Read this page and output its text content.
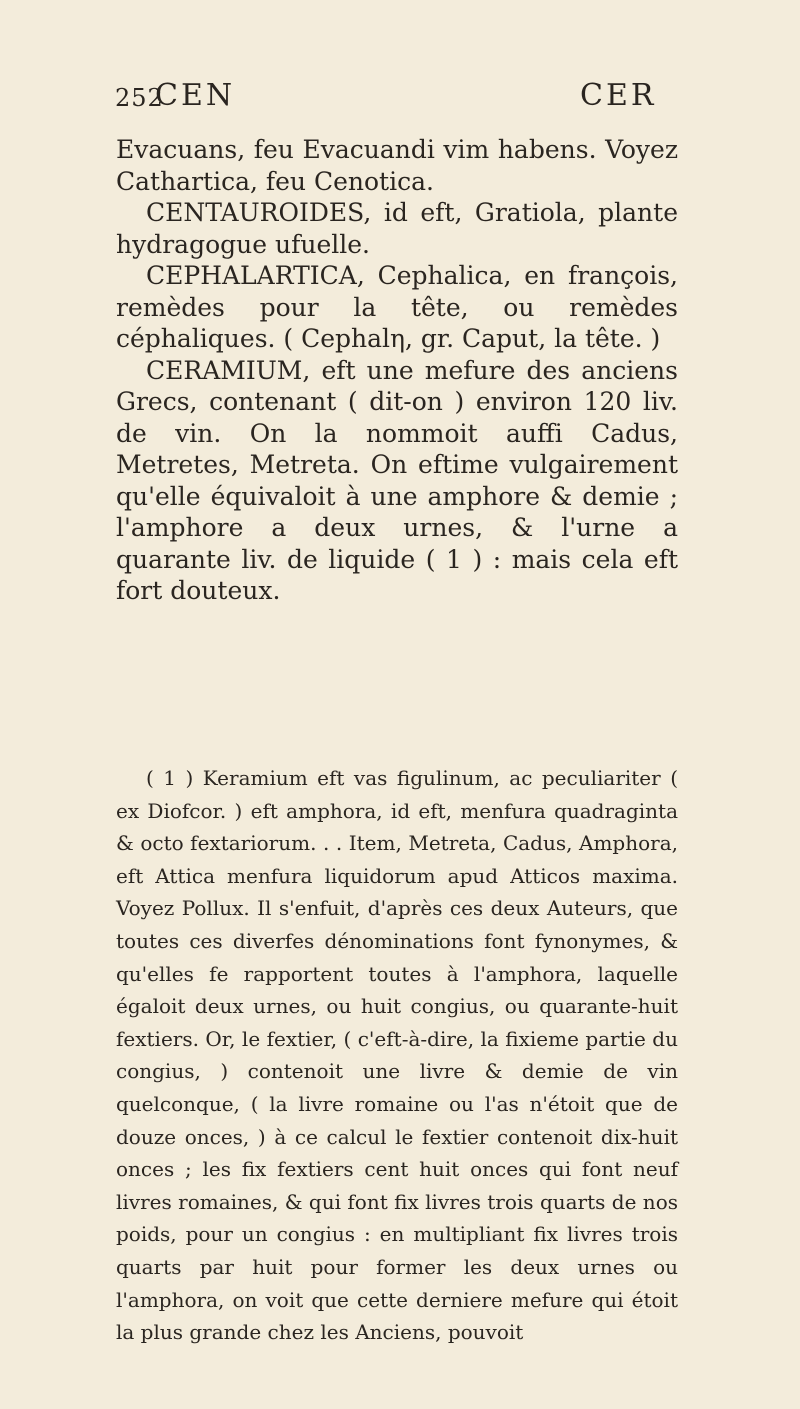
252
CEN	CER

Evacuans, feu Evacuandi vim habens. Voyez Cathartica, feu Cenotica.

CENTAUROIDES, id eft, Gratiola, plante hydragogue ufuelle.

CEPHALARTICA, Cephalica, en françois, remèdes pour la tête, ou remèdes céphaliques. ( Cephalη, gr. Caput, la tête. )

CERAMIUM, eft une mefure des anciens Grecs, contenant ( dit-on ) environ 120 liv. de vin. On la nommoit auffi Cadus, Metretes, Metreta. On eftime vulgairement qu'elle équivaloit à une amphore & demie ; l'amphore a deux urnes, & l'urne a quarante liv. de liquide ( 1 ) : mais cela eft fort douteux.

( 1 ) Keramium eft vas figulinum, ac peculiariter ( ex Diofcor. ) eft amphora, id eft, menfura quadraginta & octo fextariorum. . . Item, Metreta, Cadus, Amphora, eft Attica menfura liquidorum apud Atticos maxima. Voyez Pollux. Il s'enfuit, d'après ces deux Auteurs, que toutes ces diverfes dénominations font fynonymes, & qu'elles fe rapportent toutes à l'amphora, laquelle égaloit deux urnes, ou huit congius, ou quarante-huit fextiers. Or, le fextier, ( c'eft-à-dire, la fixieme partie du congius, ) contenoit une livre & demie de vin quelconque, ( la livre romaine ou l'as n'étoit que de douze onces, ) à ce calcul le fextier contenoit dix-huit onces ; les fix fextiers cent huit onces qui font neuf livres romaines, & qui font fix livres trois quarts de nos poids, pour un congius : en multipliant fix livres trois quarts par huit pour former les deux urnes ou l'amphora, on voit que cette derniere mefure qui étoit la plus grande chez les Anciens, pouvoit
